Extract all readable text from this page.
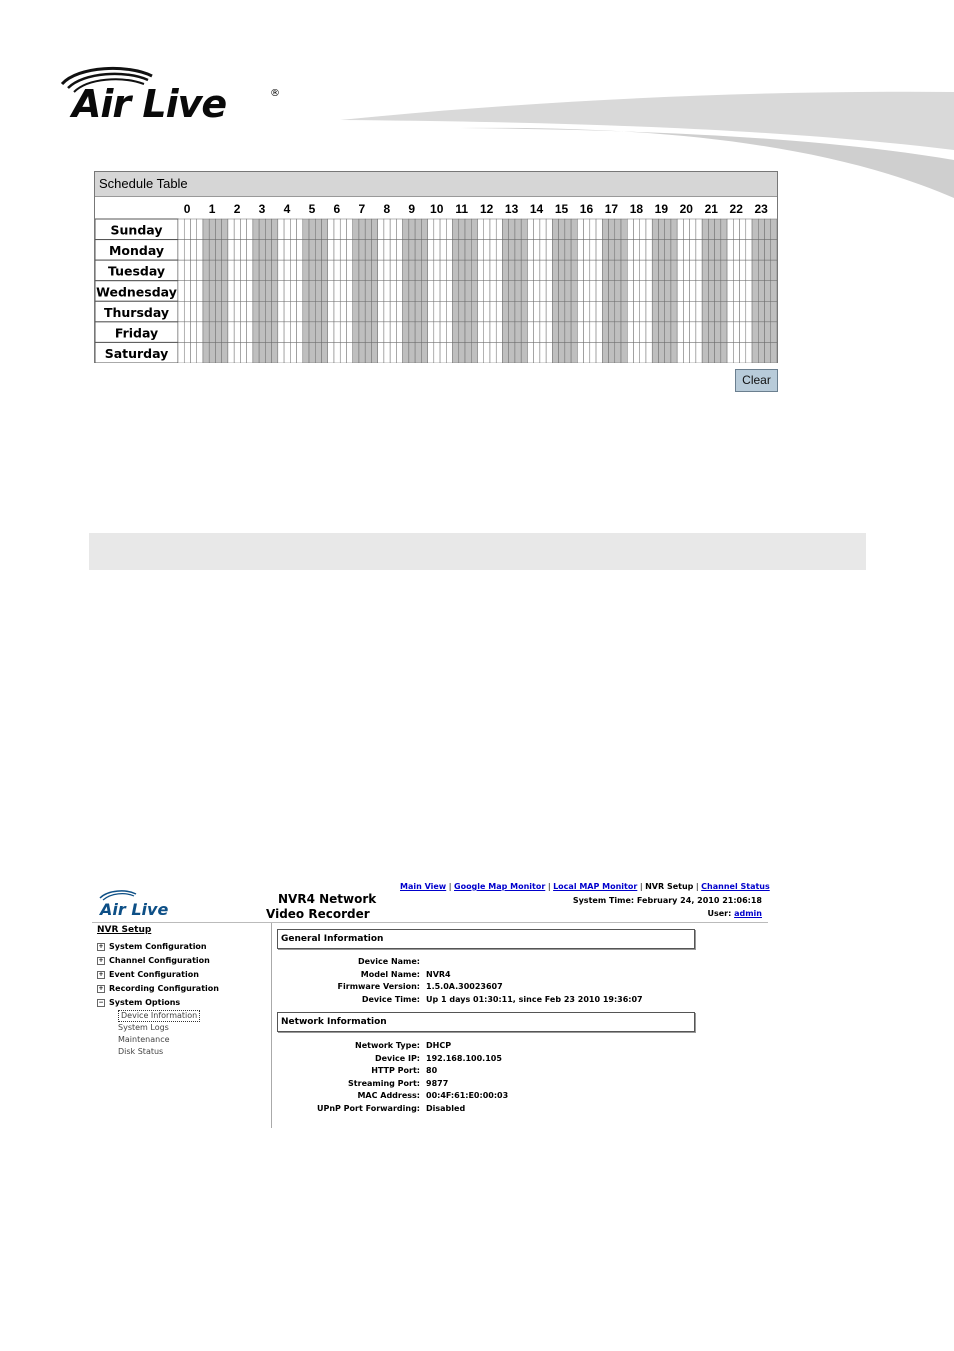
Air Live	®
Schedule Table
0 1 2 3 4 5 6 7 8 9 10 11 12 13 14 15 16 17 18 19 20 21 22 23
Sunday
Monday
Tuesday
Wednesday
Thursday
Friday
Saturday
Clear
Air Live
NVR4 Network
Video Recorder
Main View | Google Map Monitor | Local MAP Monitor | NVR Setup | Channel Status
System Time: February 24, 2010 21:06:18
User: admin
NVR Setup
+ System Configuration
+ Channel Configuration
+ Event Configuration
+ Recording Configuration
− System Options
Device Information
System Logs
Maintenance
Disk Status
General Information
Device Name:
Model Name: NVR4
Firmware Version: 1.5.0A.30023607
Device Time: Up 1 days 01:30:11, since Feb 23 2010 19:36:07
Network Information
Network Type: DHCP
Device IP: 192.168.100.105
HTTP Port: 80
Streaming Port: 9877
MAC Address: 00:4F:61:E0:00:03
UPnP Port Forwarding: Disabled
